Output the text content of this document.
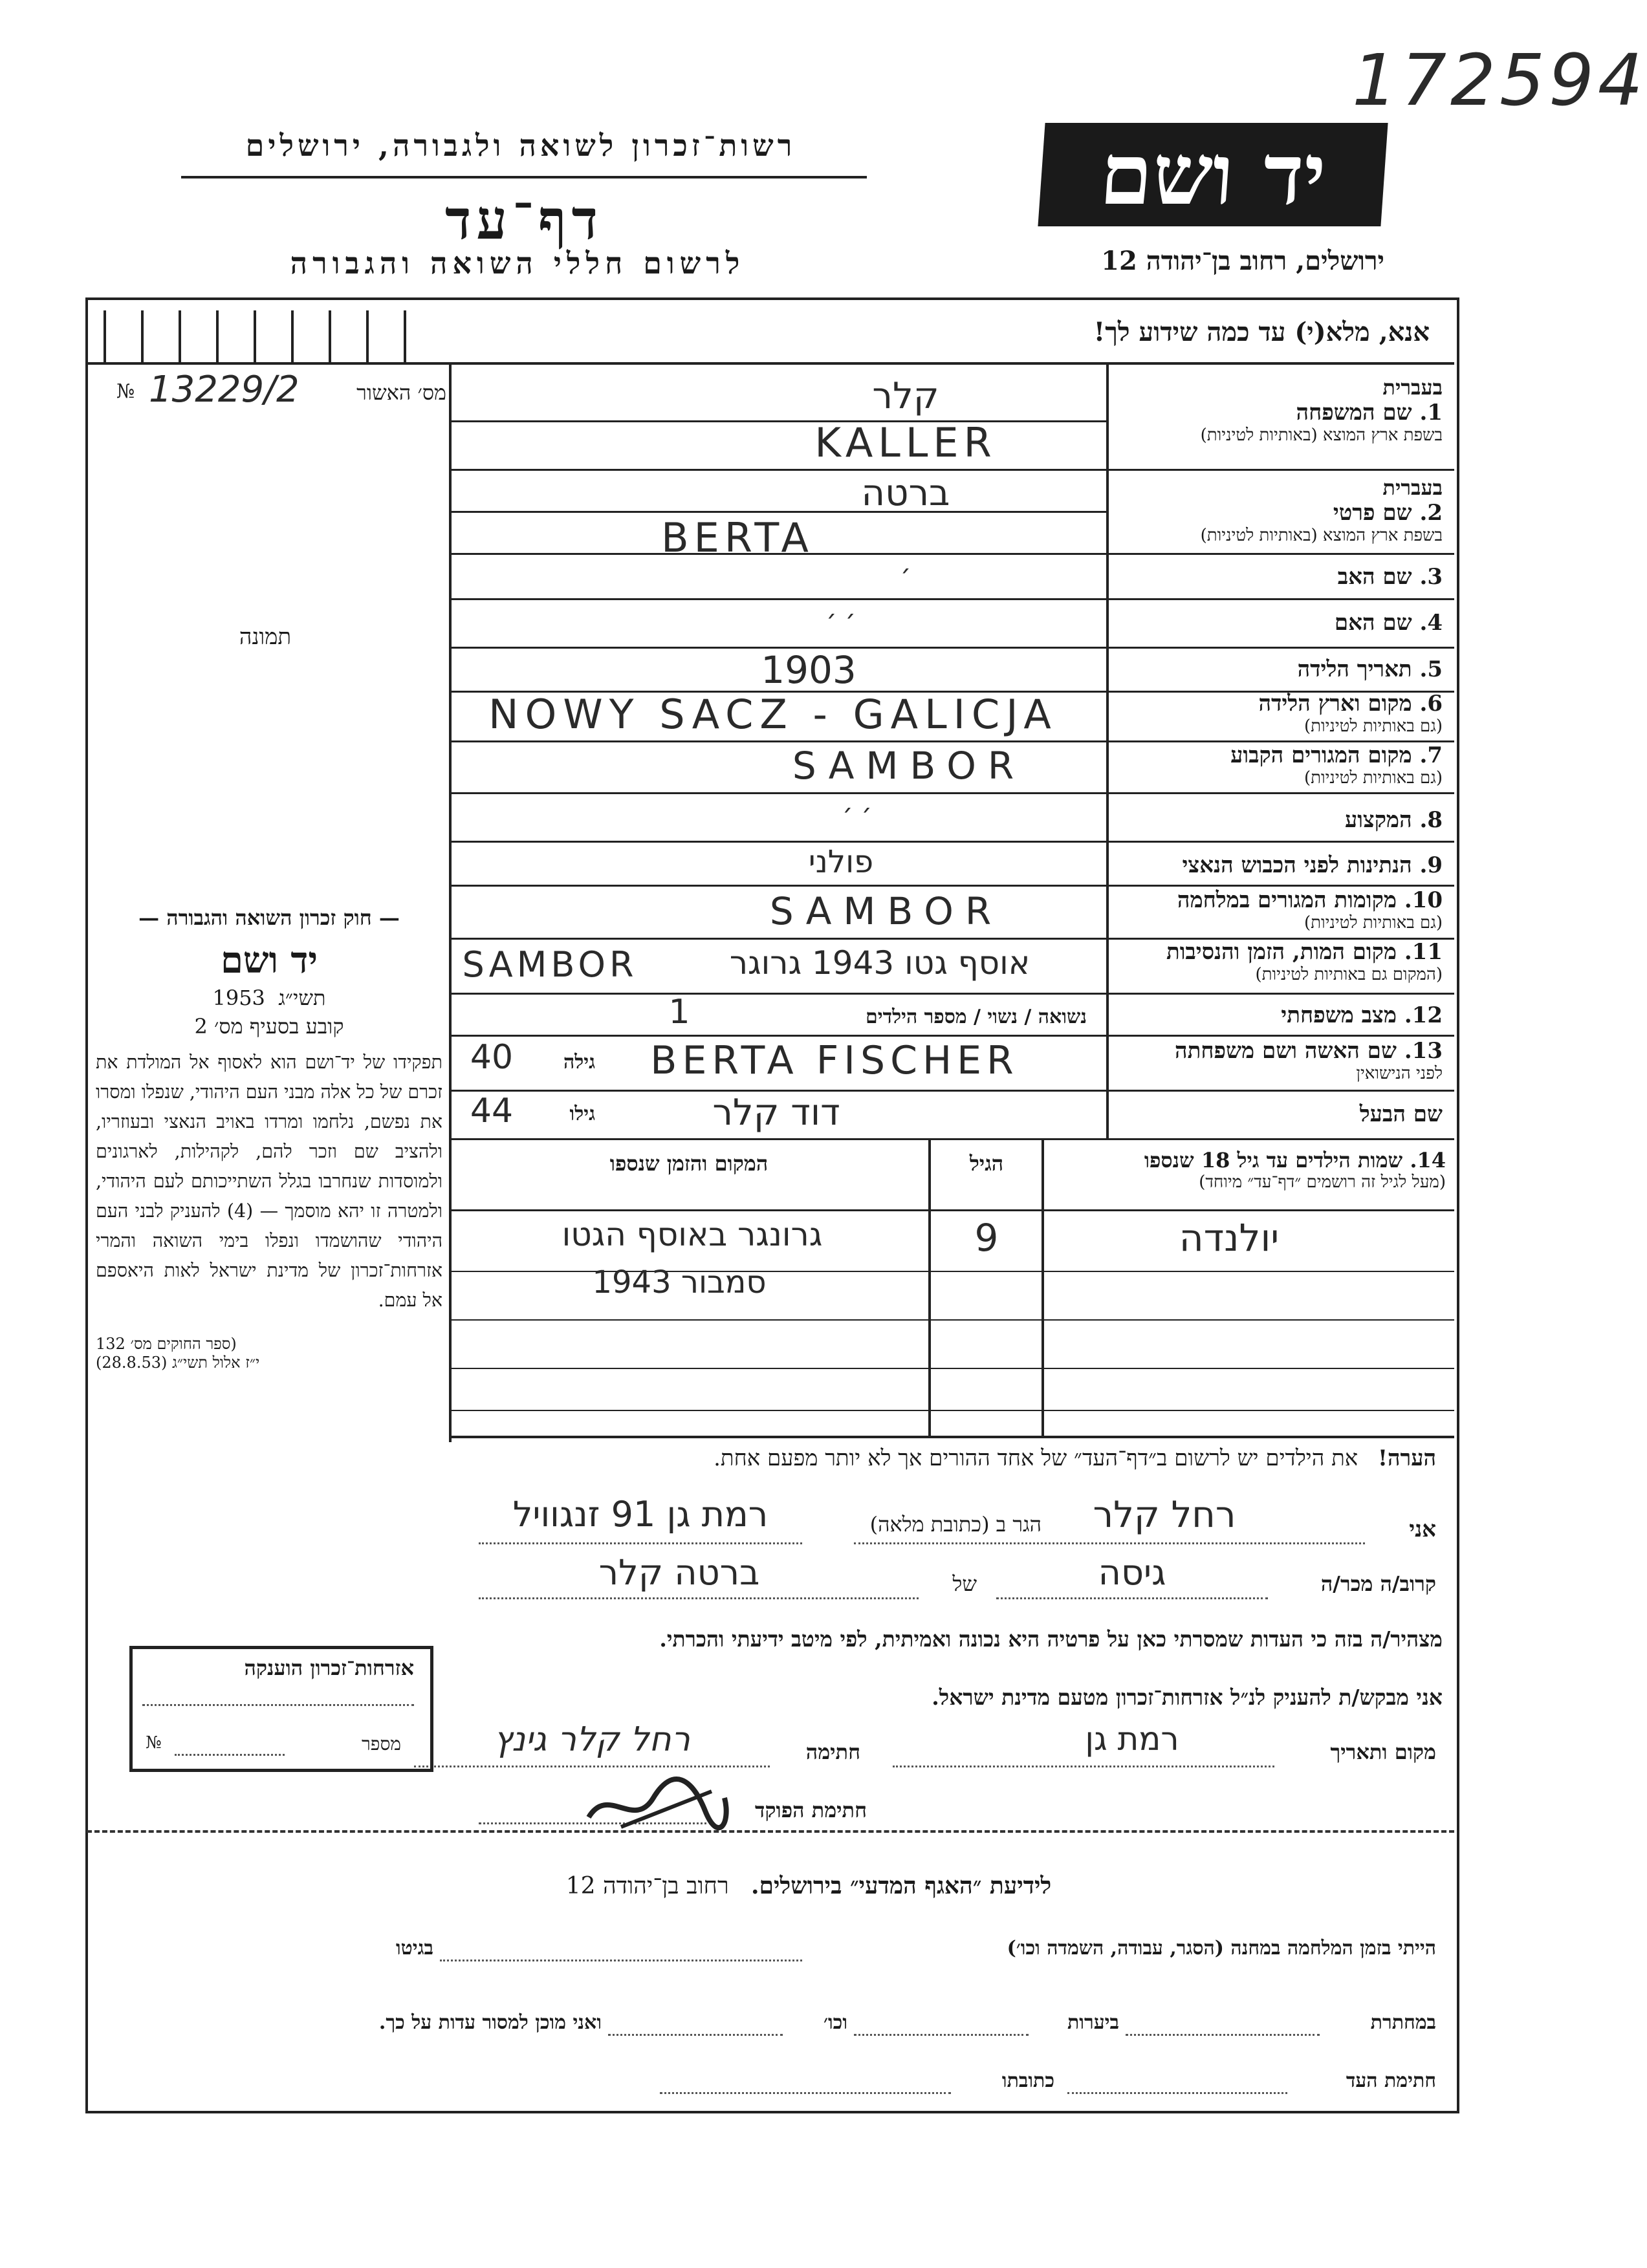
172594
רשות־זכרון לשואה ולגבורה, ירושלים
דף־עד
לרשום חללי השואה והגבורה
יד ושם
ירושלים, רחוב בן־יהודה 12
אנא, מלא(י) עד כמה שידוע לך!
מס׳ האשור
13229/2
№
תמונה
בעברית
1. שם המשפחה
בשפת ארץ המוצא (באותיות לטיניות)
קלר
KALLER
בעברית
2. שם פרטי
בשפת ארץ המוצא (באותיות לטיניות)
ברטה
BERTA
3. שם האב
׳
4. שם האם
׳ ׳
5. תאריך הלידה
1903
6. מקום וארץ הלידה
(גם באותיות לטיניות)
NOWY SACZ - GALICJA
7. מקום המגורים הקבוע
(גם באותיות לטיניות)
SAMBOR
8. המקצוע
׳ ׳
9. הנתינות לפני הכבוש הנאצי
פולני
10. מקומות המגורים במלחמה
(גם באותיות לטיניות)
SAMBOR
11. מקום המות, הזמן והנסיבות
(המקום גם באותיות לטיניות)
SAMBOR	אוסף גטו 1943 גרוגר
12. מצב משפחתי
נשואה / נשוי / מספר הילדים
1
13. שם האשה ושם משפחתה
לפני הנישואין
BERTA FISCHER
גילה
40
שם הבעל
דוד קלר
גילו
44
14. שמות הילדים עד גיל 18 שנספו
(מעל לגיל זה רושמים ״דף־עד״ מיוחד)
הגיל
המקום והזמן שנספו
יולנדה
9
גרונגר באוסף הגטו
סמבור 1943
— חוק זכרון השואה והגבורה —
יד ושם
תשי״ג  1953
קובע בסעיף מס׳ 2
תפקידו של יד־ושם הוא לאסוף אל המולדת את זכרם של כל אלה מבני העם היהודי, שנפלו ומסרו את נפשם, נלחמו ומרדו באויב הנאצי ובעוזריו, ולהציב שם וזכר להם, לקהילות, לארגונים ולמוסדות שנחרבו בגלל השתייכותם לעם היהודי, ולמטרה זו יהא מוסמך — (4) להעניק לבני העם היהודי שהושמדו ונפלו בימי השואה והמרי אזרחות־זכרון של מדינת ישראל לאות היאספם אל עמם.
(ספר החוקים מס׳ 132
י״ז אלול תשי״ג (28.8.53)
הערה! את הילדים יש לרשום ב״דף־העד״ של אחד ההורים אך לא יותר מפעם אחת.
אני
רחל קלר
הגר ב (כתובת מלאה)
רמת גן 91 זנגוויל
קרוב/ה מכר/ה
גיסה
של
ברטה קלר
מצהיר/ה בזה כי העדות שמסרתי כאן על פרטיה היא נכונה ואמיתית, לפי מיטב ידיעתי והכרתי.
אני מבקש/ת להעניק לנ״ל אזרחות־זכרון מטעם מדינת ישראל.
מקום ותאריך
רמת גן
חתימה
רחל קלר גינץ
חתימת הפוקד
אזרחות־זכרון הוענקה
מספר
№
לידיעת ״האגף המדעי״ בירושלים.   רחוב בן־יהודה 12
הייתי בזמן המלחמה במחנה (הסגר, עבודה, השמדה וכו׳)
בגיטו
במחתרת
ביערות
וכו׳
ואני מוכן למסור עדות על כך.
חתימת העד
כתובתו
